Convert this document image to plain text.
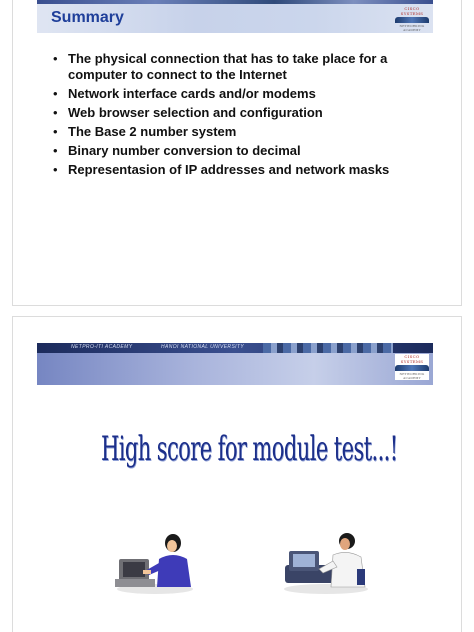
Summary
CISCO SYSTEMS
NETWORKING
ACADEMY
• The physical connection that has to take place for a computer to connect to the Internet
• Network interface cards and/or modems
• Web browser selection and configuration
• The Base 2 number system
• Binary number conversion to decimal
• Representasion of IP addresses and network masks
NETPRO-ITI ACADEMY	HANOI NATIONAL UNIVERSITY
CISCO SYSTEMS
NETWORKING
ACADEMY
High score for module test...!
